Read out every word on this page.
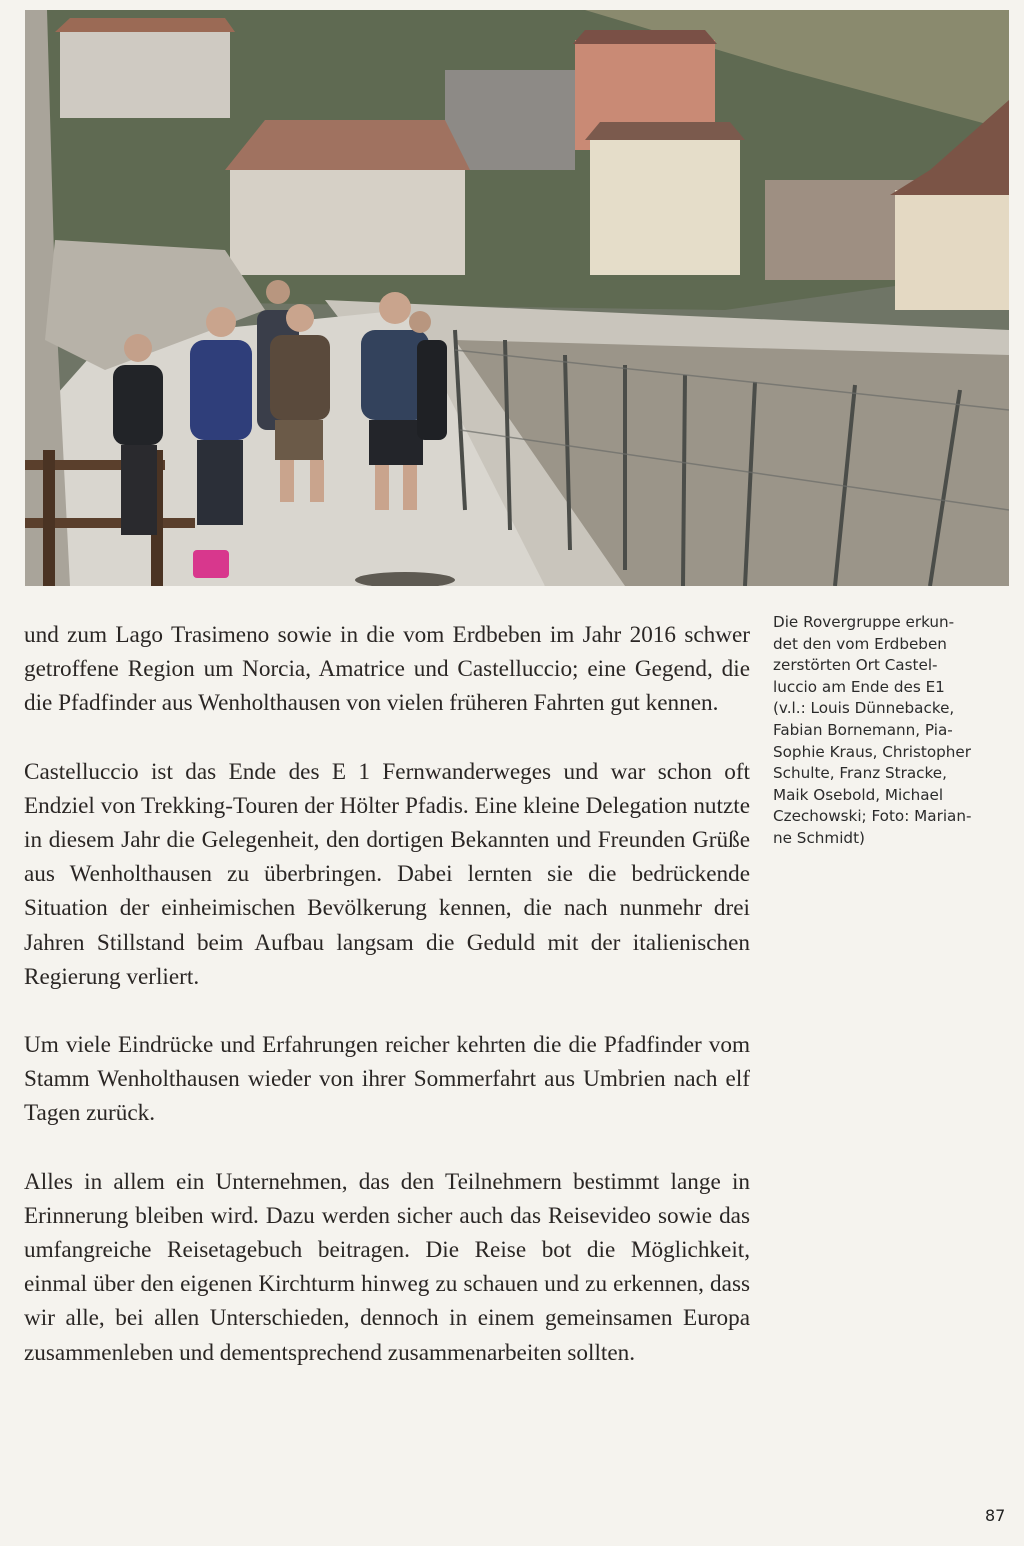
und zum Lago Trasimeno sowie in die vom Erdbeben im Jahr 2016 schwer getroffene Region um Norcia, Amatrice und Castelluccio; eine Gegend, die die Pfadfinder aus Wenholthausen von vielen früheren Fahrten gut kennen.

Castelluccio ist das Ende des E 1 Fernwanderweges und war schon oft Endziel von Trekking-Touren der Hölter Pfadis. Eine kleine Delegation nutzte in diesem Jahr die Gelegenheit, den dortigen Bekannten und Freunden Grüße aus Wenholthausen zu überbringen. Dabei lernten sie die bedrückende Situation der einheimischen Bevölkerung kennen, die nach nunmehr drei Jahren Stillstand beim Aufbau langsam die Geduld mit der italienischen Regierung verliert.

Um viele Eindrücke und Erfahrungen reicher kehrten die die Pfadfinder vom Stamm Wenholthausen wieder von ihrer Sommerfahrt aus Umbrien nach elf Tagen zurück.

Alles in allem ein Unternehmen, das den Teilnehmern bestimmt lange in Erinnerung bleiben wird. Dazu werden sicher auch das Reisevideo sowie das umfangreiche Reisetagebuch beitragen. Die Reise bot die Möglichkeit, einmal über den eigenen Kirchturm hinweg zu schauen und zu erkennen, dass wir alle, bei allen Unterschieden, dennoch in einem gemeinsamen Europa zusammenleben und dementsprechend zusammenarbeiten sollten.

Die Rovergruppe erkun-
det den vom Erdbeben
zerstörten Ort Castel-
luccio am Ende des E1
(v.l.: Louis Dünnebacke,
Fabian Bornemann, Pia-
Sophie Kraus, Christopher
Schulte, Franz Stracke,
Maik Osebold, Michael
Czechowski; Foto: Marian-
ne Schmidt)
87
